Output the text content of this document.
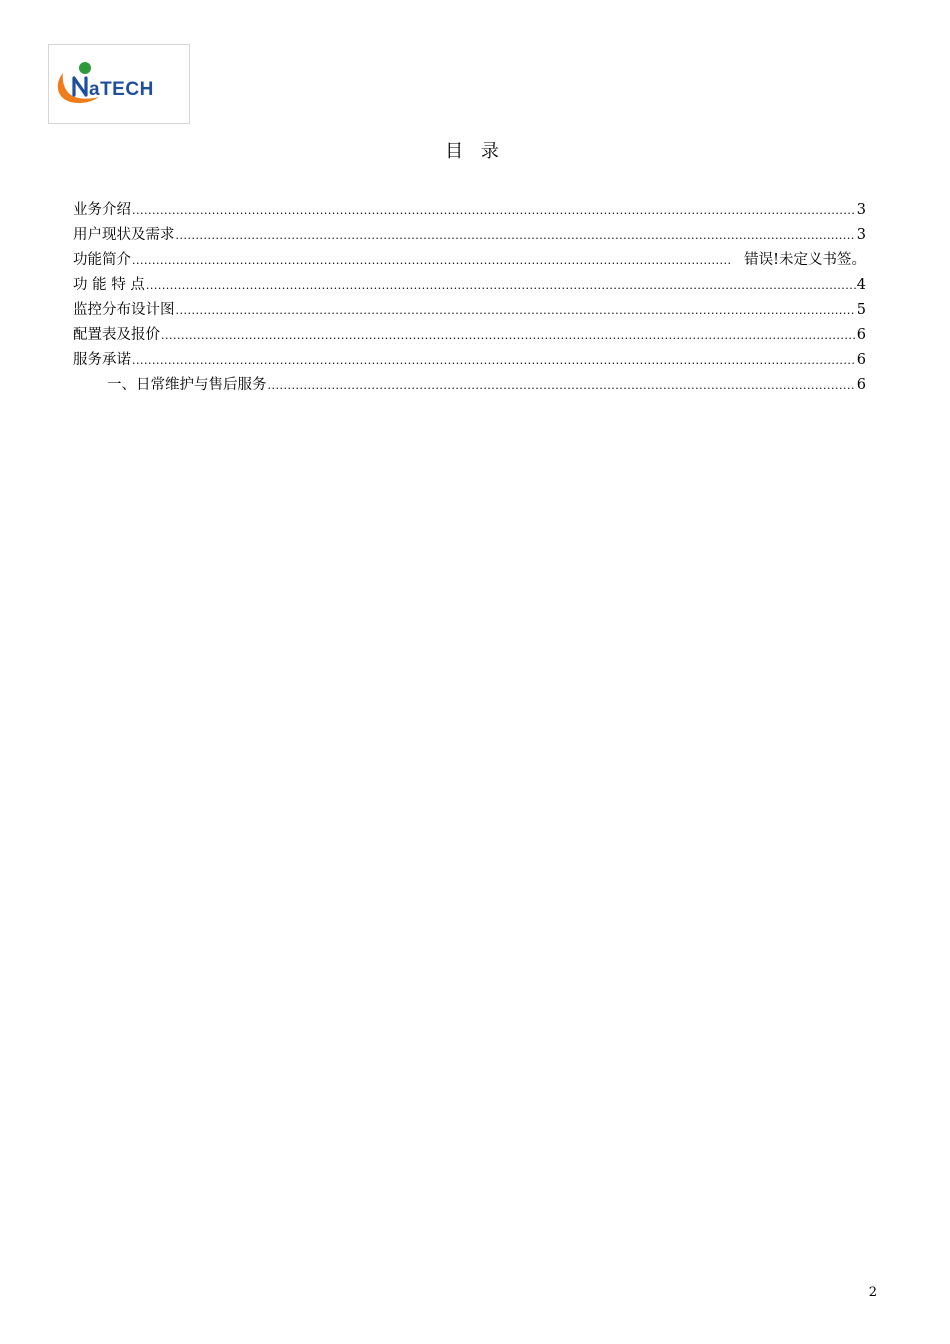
aTECH
目 录
业务介绍 .....	3
用户现状及需求 .....	3
功能简介 .....	错误!未定义书签。
功 能 特 点 .....	4
监控分布设计图 .....	5
配置表及报价 .....	6
服务承诺 .....	6
一、日常维护与售后服务 .....	6
2
